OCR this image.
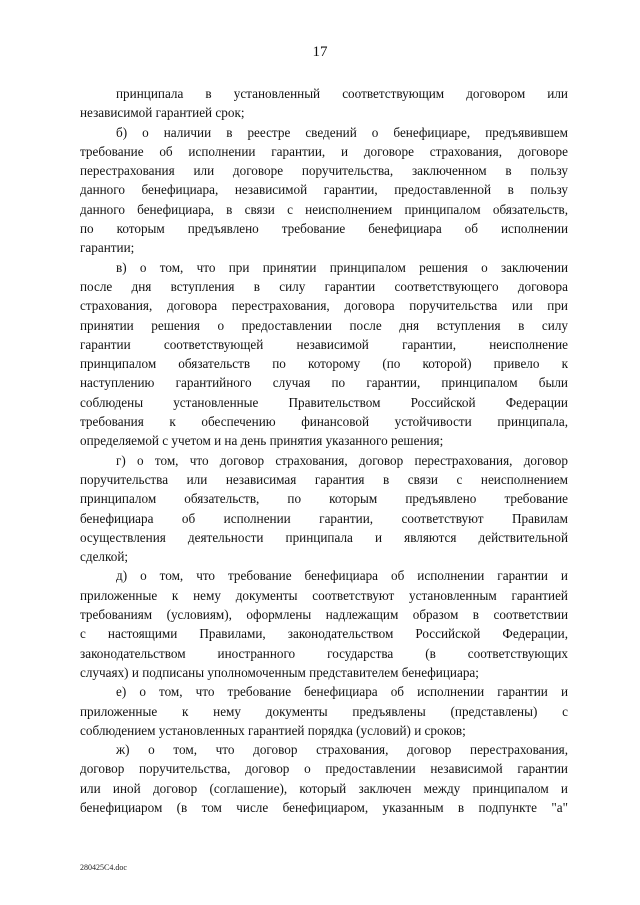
17
принципала в установленный соответствующим договором или
независимой гарантией срок;
б) о наличии в реестре сведений о бенефициаре, предъявившем
требование об исполнении гарантии, и договоре страхования, договоре
перестрахования или договоре поручительства, заключенном в пользу
данного бенефициара, независимой гарантии, предоставленной в пользу
данного бенефициара, в связи с неисполнением принципалом обязательств,
по которым предъявлено требование бенефициара об исполнении
гарантии;
в) о том, что при принятии принципалом решения о заключении
после дня вступления в силу гарантии соответствующего договора
страхования, договора перестрахования, договора поручительства или при
принятии решения о предоставлении после дня вступления в силу
гарантии соответствующей независимой гарантии, неисполнение
принципалом обязательств по которому (по которой) привело к
наступлению гарантийного случая по гарантии, принципалом были
соблюдены установленные Правительством Российской Федерации
требования к обеспечению финансовой устойчивости принципала,
определяемой с учетом и на день принятия указанного решения;
г) о том, что договор страхования, договор перестрахования, договор
поручительства или независимая гарантия в связи с неисполнением
принципалом обязательств, по которым предъявлено требование
бенефициара об исполнении гарантии, соответствуют Правилам
осуществления деятельности принципала и являются действительной
сделкой;
д) о том, что требование бенефициара об исполнении гарантии и
приложенные к нему документы соответствуют установленным гарантией
требованиям (условиям), оформлены надлежащим образом в соответствии
с настоящими Правилами, законодательством Российской Федерации,
законодательством иностранного государства (в соответствующих
случаях) и подписаны уполномоченным представителем бенефициара;
е) о том, что требование бенефициара об исполнении гарантии и
приложенные к нему документы предъявлены (представлены) с
соблюдением установленных гарантией порядка (условий) и сроков;
ж) о том, что договор страхования, договор перестрахования,
договор поручительства, договор о предоставлении независимой гарантии
или иной договор (соглашение), который заключен между принципалом и
бенефициаром (в том числе бенефициаром, указанным в подпункте "а"
280425C4.doc
